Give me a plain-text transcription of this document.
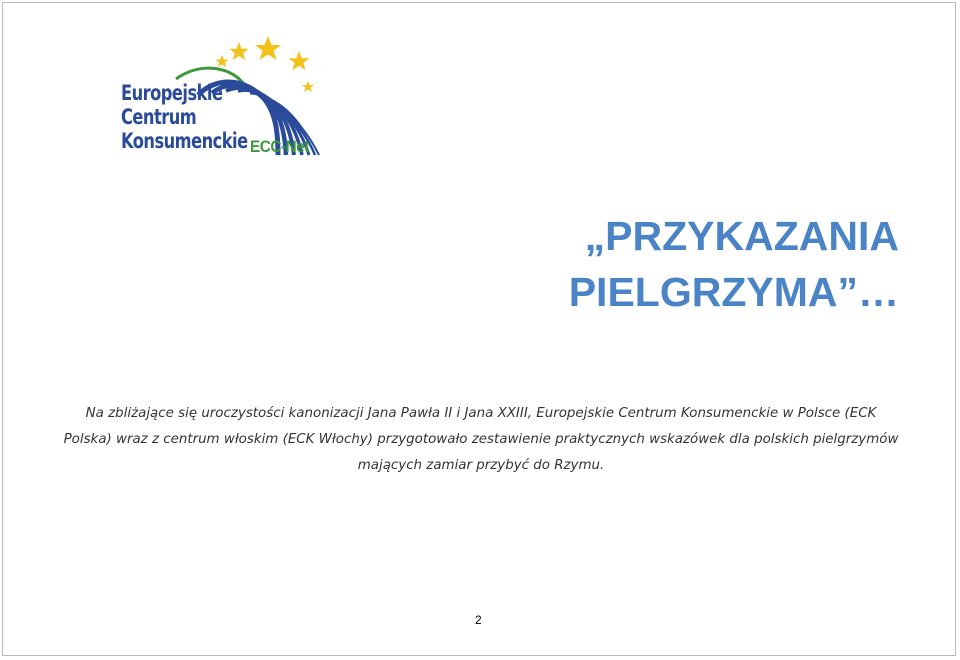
Europejskie
Centrum
Konsumenckie ECC-Net
„PRZYKAZANIA
PIELGRZYMA”…
Na zbliżające się uroczystości kanonizacji Jana Pawła II i Jana XXIII, Europejskie Centrum Konsumenckie w Polsce (ECK Polska) wraz z centrum włoskim (ECK Włochy) przygotowało zestawienie praktycznych wskazówek dla polskich pielgrzymów mających zamiar przybyć do Rzymu.
2
